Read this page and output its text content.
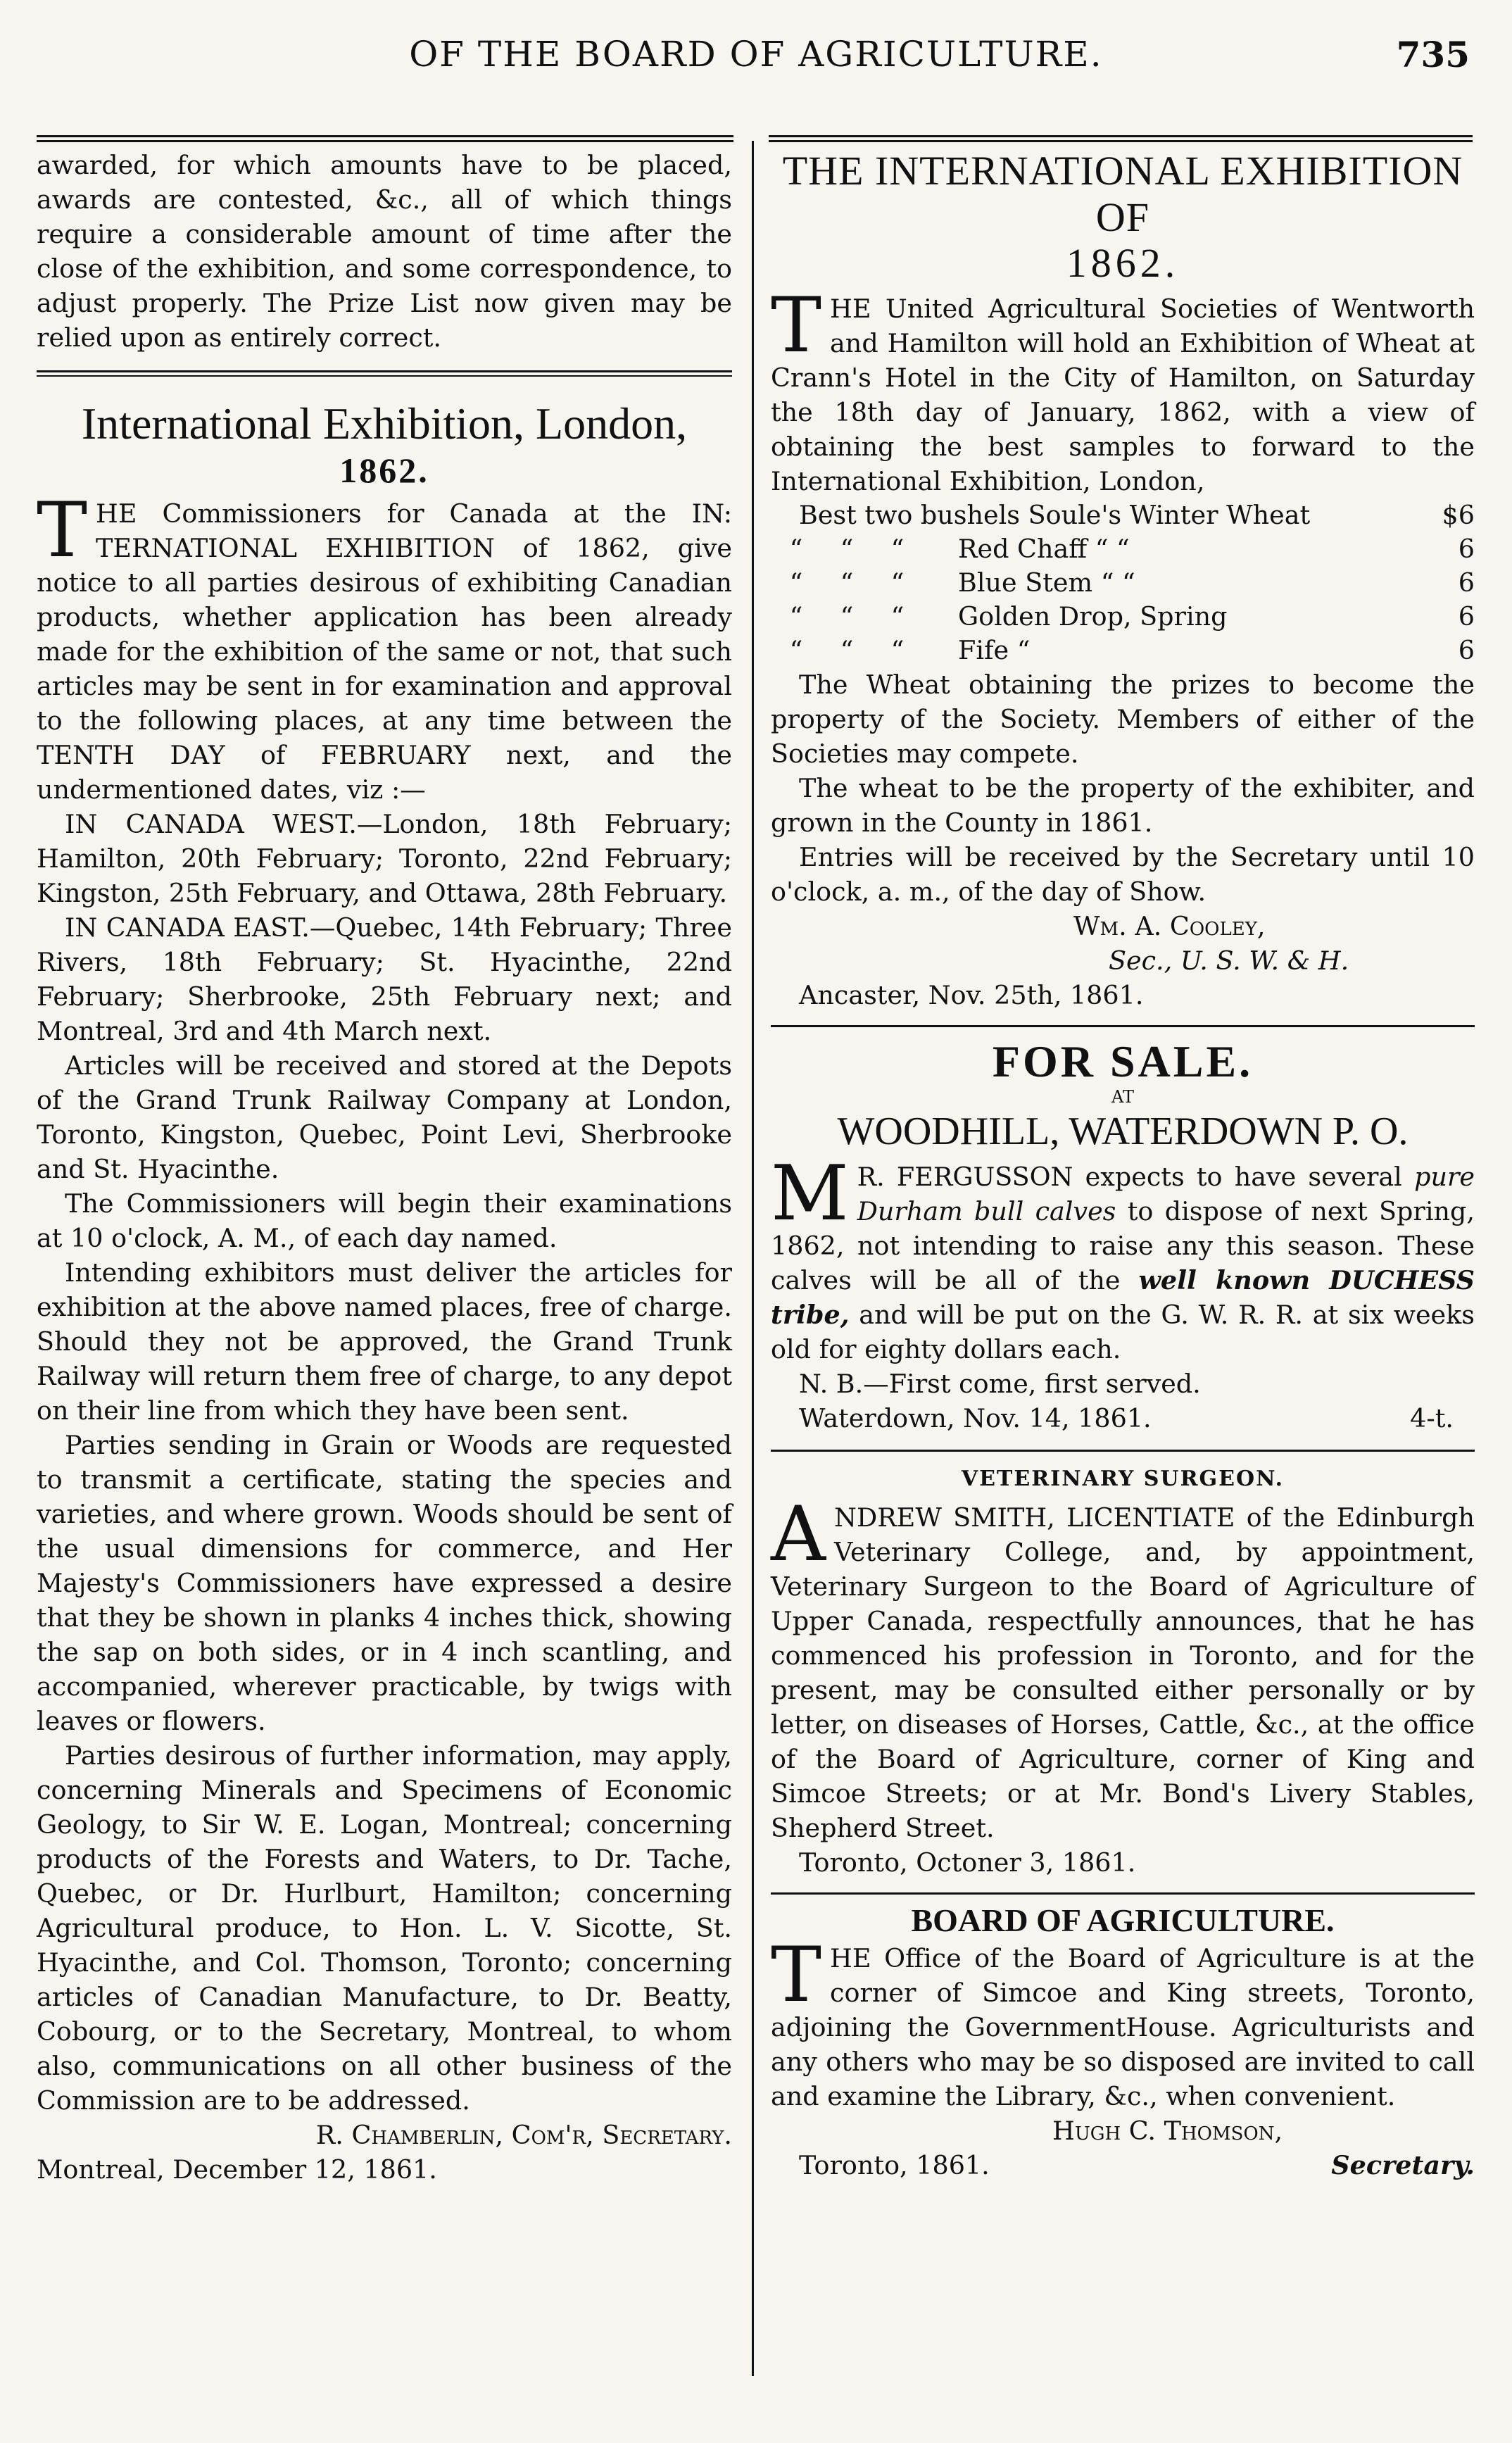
OF THE BOARD OF AGRICULTURE.	735

awarded, for which amounts have to be placed, awards are contested, &c., all of which things require a considerable amount of time after the close of the exhibition, and some correspondence, to adjust properly. The Prize List now given may be relied upon as entirely correct.

International Exhibition, London,
1862.

THE Commissioners for Canada at the IN: TERNATIONAL EXHIBITION of 1862, give notice to all parties desirous of exhibiting Canadian products, whether application has been already made for the exhibition of the same or not, that such articles may be sent in for examination and approval to the following places, at any time between the TENTH DAY of FEBRUARY next, and the undermentioned dates, viz :—

IN CANADA WEST.—London, 18th February; Hamilton, 20th February; Toronto, 22nd February; Kingston, 25th February, and Ottawa, 28th February.

IN CANADA EAST.—Quebec, 14th February; Three Rivers, 18th February; St. Hyacinthe, 22nd February; Sherbrooke, 25th February next; and Montreal, 3rd and 4th March next.

Articles will be received and stored at the Depots of the Grand Trunk Railway Company at London, Toronto, Kingston, Quebec, Point Levi, Sherbrooke and St. Hyacinthe.

The Commissioners will begin their examinations at 10 o'clock, A. M., of each day named.

Intending exhibitors must deliver the articles for exhibition at the above named places, free of charge. Should they not be approved, the Grand Trunk Railway will return them free of charge, to any depot on their line from which they have been sent.

Parties sending in Grain or Woods are requested to transmit a certificate, stating the species and varieties, and where grown. Woods should be sent of the usual dimensions for commerce, and Her Majesty's Commissioners have expressed a desire that they be shown in planks 4 inches thick, showing the sap on both sides, or in 4 inch scantling, and accompanied, wherever practicable, by twigs with leaves or flowers.

Parties desirous of further information, may apply, concerning Minerals and Specimens of Economic Geology, to Sir W. E. Logan, Montreal; concerning products of the Forests and Waters, to Dr. Tache, Quebec, or Dr. Hurlburt, Hamilton; concerning Agricultural produce, to Hon. L. V. Sicotte, St. Hyacinthe, and Col. Thomson, Toronto; concerning articles of Canadian Manufacture, to Dr. Beatty, Cobourg, or to the Secretary, Montreal, to whom also, communications on all other business of the Commission are to be addressed.

R. Chamberlin, Com'r, Secretary.

Montreal, December 12, 1861.

THE INTERNATIONAL EXHIBITION OF
1862.

THE United Agricultural Societies of Wentworth and Hamilton will hold an Exhibition of Wheat at Crann's Hotel in the City of Hamilton, on Saturday the 18th day of January, 1862, with a view of obtaining the best samples to forward to the International Exhibition, London,

Best two bushels Soule's Winter Wheat				$6
“	“	“	Red Chaff “ “	6
“	“	“	Blue Stem “ “	6
“	“	“	Golden Drop, Spring	6
“	“	“	Fife “	6

The Wheat obtaining the prizes to become the property of the Society. Members of either of the Societies may compete.

The wheat to be the property of the exhibiter, and grown in the County in 1861.

Entries will be received by the Secretary until 10 o'clock, a. m., of the day of Show.

Wm. A. Cooley,

Sec., U. S. W. & H.

Ancaster, Nov. 25th, 1861.

FOR SALE.

AT

WOODHILL, WATERDOWN P. O.

M R. FERGUSSON expects to have several pure Durham bull calves to dispose of next Spring, 1862, not intending to raise any this season. These calves will be all of the well known DUCHESS tribe, and will be put on the G. W. R. R. at six weeks old for eighty dollars each.

N. B.—First come, first served.

Waterdown, Nov. 14, 1861.	4-t.

VETERINARY SURGEON.

ANDREW SMITH, LICENTIATE of the Edinburgh Veterinary College, and, by appointment, Veterinary Surgeon to the Board of Agriculture of Upper Canada, respectfully announces, that he has commenced his profession in Toronto, and for the present, may be consulted either personally or by letter, on diseases of Horses, Cattle, &c., at the office of the Board of Agriculture, corner of King and Simcoe Streets; or at Mr. Bond's Livery Stables, Shepherd Street.

Toronto, Octoner 3, 1861.

BOARD OF AGRICULTURE.

THE Office of the Board of Agriculture is at the corner of Simcoe and King streets, Toronto, adjoining the GovernmentHouse. Agriculturists and any others who may be so disposed are invited to call and examine the Library, &c., when convenient.

Hugh C. Thomson,

Toronto, 1861.	Secretary.
